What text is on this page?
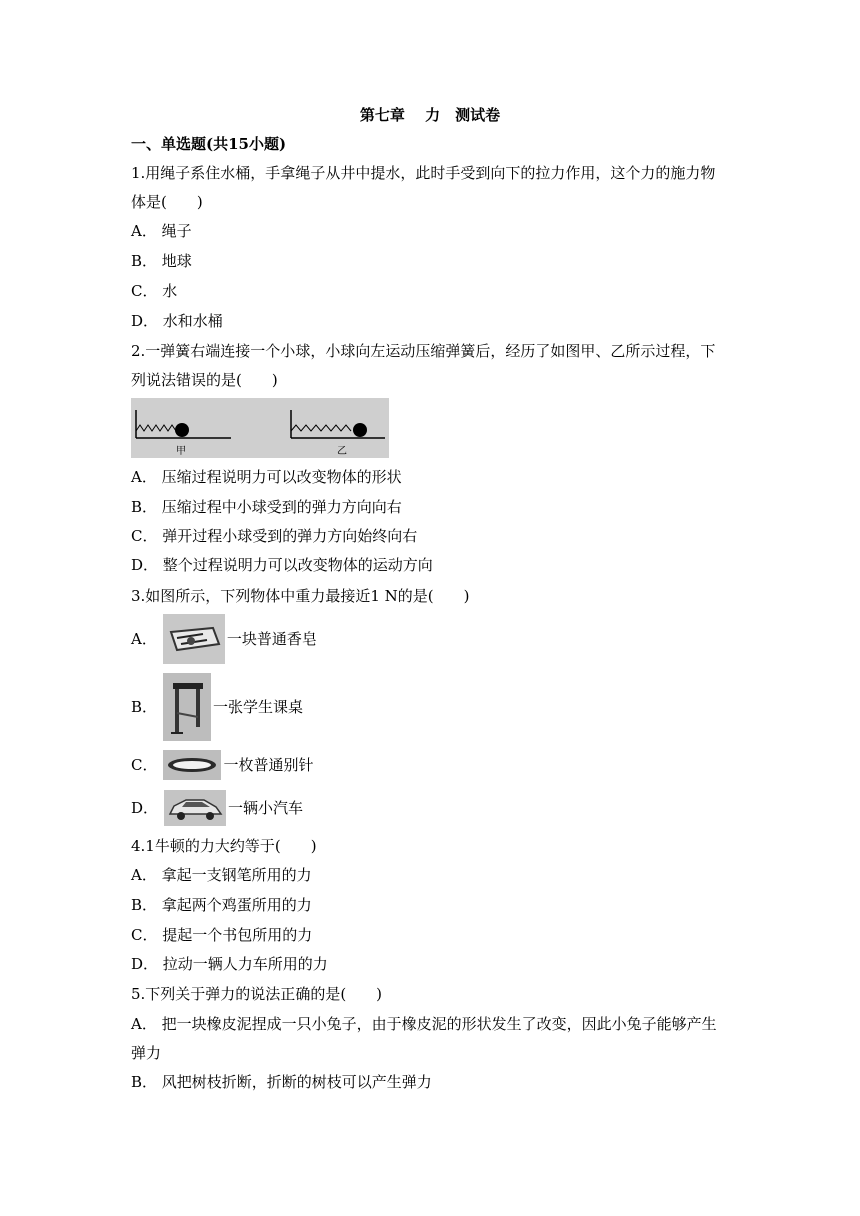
第七章　 力　测试卷
一、单选题(共15小题)
1.用绳子系住水桶，手拿绳子从井中提水，此时手受到向下的拉力作用，这个力的施力物
体是(　　)
A． 绳子
B． 地球
C． 水
D． 水和水桶
2.一弹簧右端连接一个小球，小球向左运动压缩弹簧后，经历了如图甲、乙所示过程，下
列说法错误的是(　　)
甲	乙
A． 压缩过程说明力可以改变物体的形状
B． 压缩过程中小球受到的弹力方向向右
C． 弹开过程小球受到的弹力方向始终向右
D． 整个过程说明力可以改变物体的运动方向
3.如图所示，下列物体中重力最接近1 N的是(　　)
A．	一块普通香皂
B．	一张学生课桌
C．	一枚普通别针
D．	一辆小汽车
4.1牛顿的力大约等于(　　)
A． 拿起一支钢笔所用的力
B． 拿起两个鸡蛋所用的力
C． 提起一个书包所用的力
D． 拉动一辆人力车所用的力
5.下列关于弹力的说法正确的是(　　)
A． 把一块橡皮泥捏成一只小兔子，由于橡皮泥的形状发生了改变，因此小兔子能够产生
弹力
B． 风把树枝折断，折断的树枝可以产生弹力
